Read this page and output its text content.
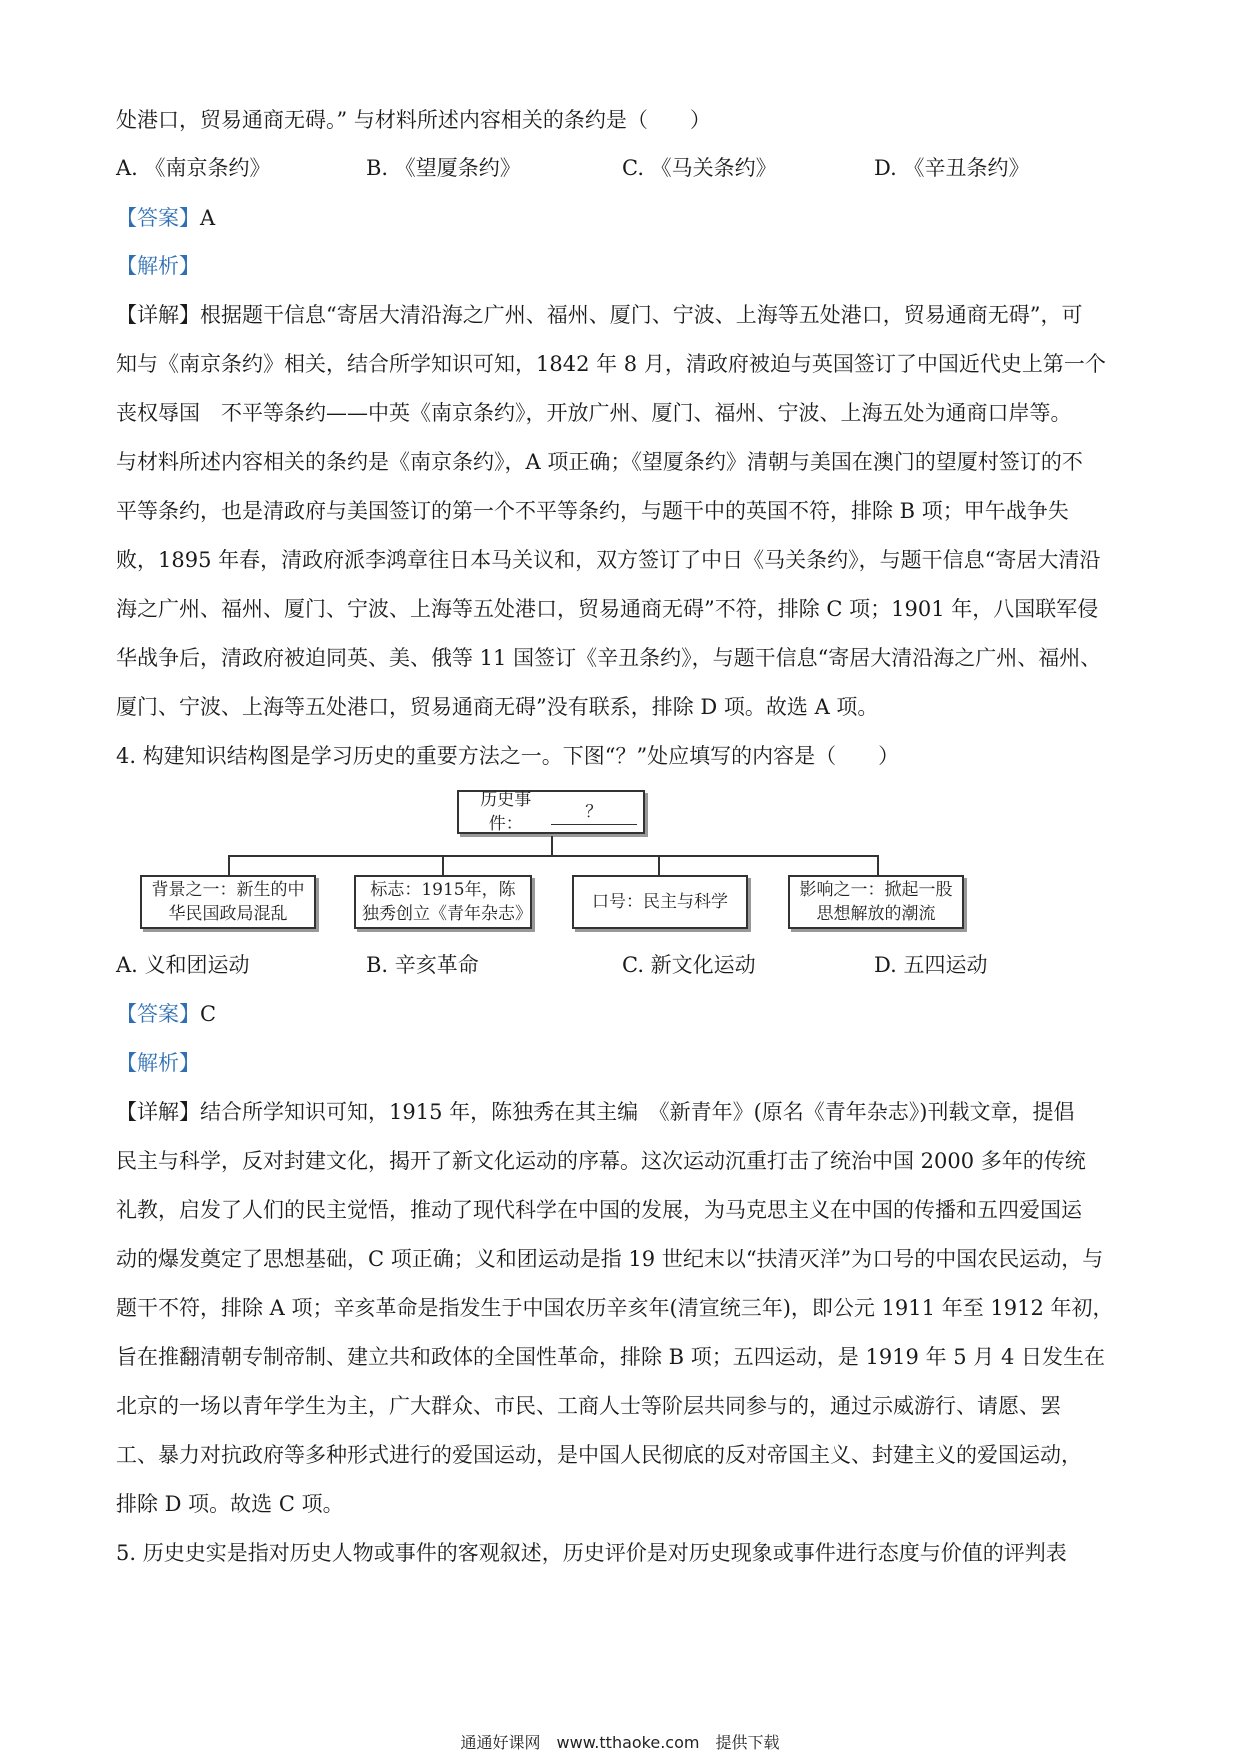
处港口，贸易通商无碍。” 与材料所述内容相关的条约是（　　）
A. 《南京条约》	B. 《望厦条约》	C. 《马关条约》	D. 《辛丑条约》
【答案】A
【解析】
【详解】根据题干信息“寄居大清沿海之广州、福州、厦门、宁波、上海等五处港口，贸易通商无碍”，可
知与《南京条约》相关，结合所学知识可知，1842 年 8 月，清政府被迫与英国签订了中国近代史上第一个
丧权辱国　不平等条约——中英《南京条约》，开放广州、厦门、福州、宁波、上海五处为通商口岸等。
与材料所述内容相关的条约是《南京条约》，A 项正确；《望厦条约》清朝与美国在澳门的望厦村签订的不
平等条约，也是清政府与美国签订的第一个不平等条约，与题干中的英国不符，排除 B 项；甲午战争失
败，1895 年春，清政府派李鸿章往日本马关议和，双方签订了中日《马关条约》，与题干信息“寄居大清沿
海之广州、福州、厦门、宁波、上海等五处港口，贸易通商无碍”不符，排除 C 项；1901 年，八国联军侵
华战争后，清政府被迫同英、美、俄等 11 国签订《辛丑条约》，与题干信息“寄居大清沿海之广州、福州、
厦门、宁波、上海等五处港口，贸易通商无碍”没有联系，排除 D 项。故选 A 项。
4. 构建知识结构图是学习历史的重要方法之一。下图“？”处应填写的内容是（　　）
历史事件：
？
背景之一：新生的中华民国政局混乱
标志：1915年，陈独秀创立《青年杂志》
口号：民主与科学
影响之一：掀起一股思想解放的潮流
A. 义和团运动	B. 辛亥革命	C. 新文化运动	D. 五四运动
【答案】C
【解析】
【详解】结合所学知识可知，1915 年，陈独秀在其主编　《新青年》(原名《青年杂志》)刊载文章，提倡
民主与科学，反对封建文化，揭开了新文化运动的序幕。这次运动沉重打击了统治中国 2000 多年的传统
礼教，启发了人们的民主觉悟，推动了现代科学在中国的发展，为马克思主义在中国的传播和五四爱国运
动的爆发奠定了思想基础，C 项正确；义和团运动是指 19 世纪末以“扶清灭洋”为口号的中国农民运动，与
题干不符，排除 A 项；辛亥革命是指发生于中国农历辛亥年(清宣统三年)，即公元 1911 年至 1912 年初，
旨在推翻清朝专制帝制、建立共和政体的全国性革命，排除 B 项；五四运动，是 1919 年 5 月 4 日发生在
北京的一场以青年学生为主，广大群众、市民、工商人士等阶层共同参与的，通过示威游行、请愿、罢
工、暴力对抗政府等多种形式进行的爱国运动，是中国人民彻底的反对帝国主义、封建主义的爱国运动，
排除 D 项。故选 C 项。
5. 历史史实是指对历史人物或事件的客观叙述，历史评价是对历史现象或事件进行态度与价值的评判表
通通好课网　www.tthaoke.com　提供下载
